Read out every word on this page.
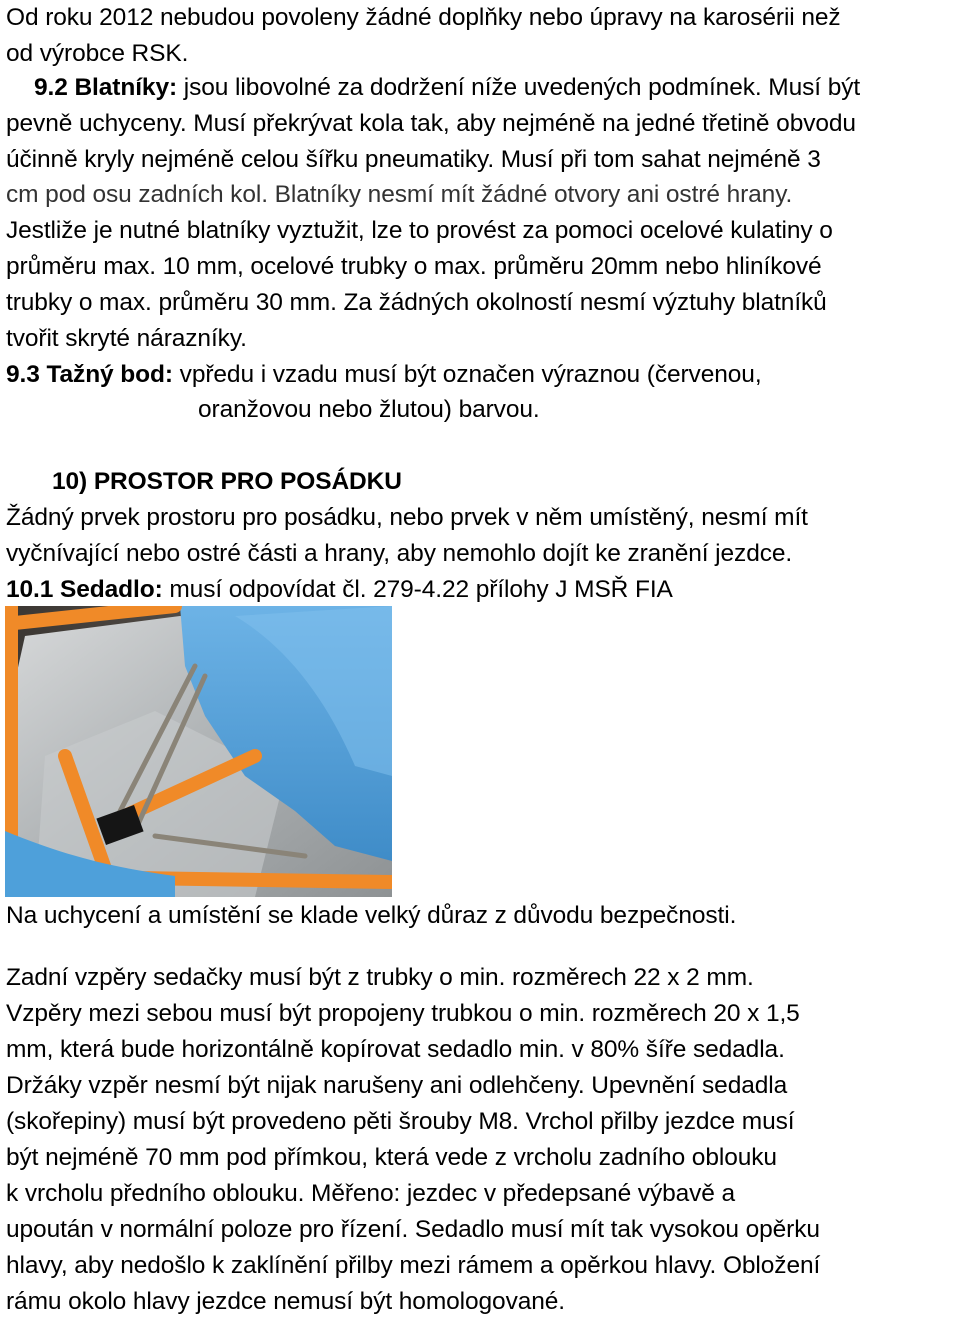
Od roku 2012 nebudou povoleny žádné doplňky nebo úpravy na karosérii než
od výrobce RSK.
9.2 Blatníky: jsou libovolné za dodržení níže uvedených podmínek. Musí být
pevně uchyceny. Musí překrývat kola tak, aby nejméně na jedné třetině obvodu
účinně kryly nejméně celou šířku pneumatiky. Musí při tom sahat nejméně 3
cm pod osu zadních kol. Blatníky nesmí mít žádné otvory ani ostré hrany.
Jestliže je nutné blatníky vyztužit, lze to provést za pomoci ocelové kulatiny o
průměru max. 10 mm, ocelové trubky o max. průměru 20mm nebo hliníkové
trubky o max. průměru 30 mm. Za žádných okolností nesmí výztuhy blatníků
tvořit skryté nárazníky.
9.3 Tažný bod: vpředu i vzadu musí být označen výraznou (červenou,
oranžovou nebo žlutou) barvou.
10) PROSTOR PRO POSÁDKU
Žádný prvek prostoru pro posádku, nebo prvek v něm umístěný, nesmí mít
vyčnívající nebo ostré části a hrany, aby nemohlo dojít ke zranění jezdce.
10.1 Sedadlo: musí odpovídat čl. 279-4.22 přílohy J MSŘ FIA
Na uchycení a umístění se klade velký důraz z důvodu bezpečnosti.
Zadní vzpěry sedačky musí být z trubky o min. rozměrech 22 x 2 mm.
Vzpěry mezi sebou musí být propojeny trubkou o min. rozměrech 20 x 1,5
mm, která bude horizontálně kopírovat sedadlo min. v 80% šíře sedadla.
Držáky vzpěr nesmí být nijak narušeny ani odlehčeny. Upevnění sedadla
(skořepiny) musí být provedeno pěti šrouby M8. Vrchol přilby jezdce musí
být nejméně 70 mm pod přímkou, která vede z vrcholu zadního oblouku
k vrcholu předního oblouku. Měřeno: jezdec v předepsané výbavě a
upoután v normální poloze pro řízení. Sedadlo musí mít tak vysokou opěrku
hlavy, aby nedošlo k zaklínění přilby mezi rámem a opěrkou hlavy. Obložení
rámu okolo hlavy jezdce nemusí být homologované.
